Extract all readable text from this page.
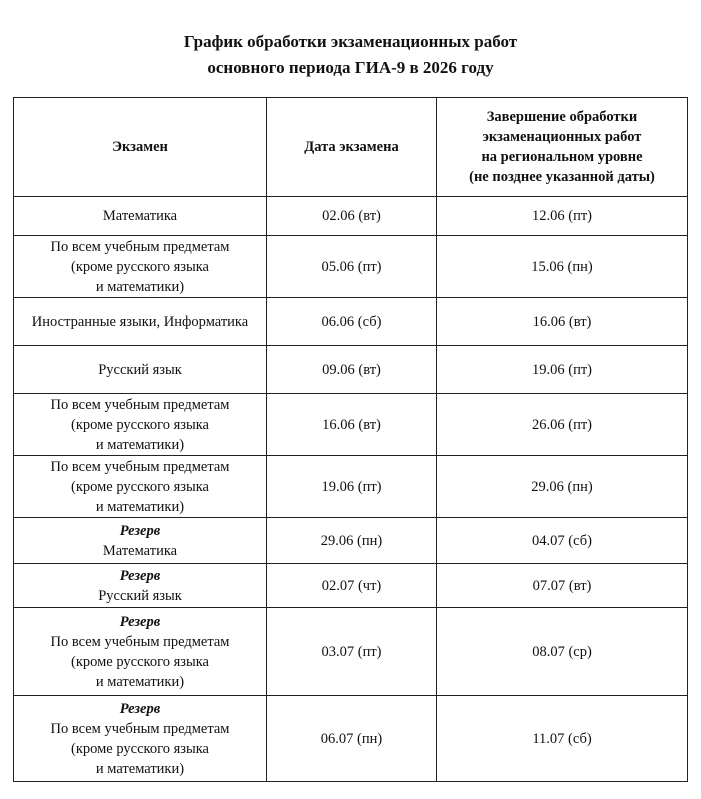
График обработки экзаменационных работ
основного периода ГИА-9 в 2026 году
Экзамен	Дата экзамена	Завершение обработки
экзаменационных работ
на региональном уровне
(не позднее указанной даты)

Математика	02.06 (вт)	12.06 (пт)

По всем учебным предметам
(кроме русского языка
и математики)	05.06 (пт)	15.06 (пн)

Иностранные языки, Информатика	06.06 (сб)	16.06 (вт)

Русский язык	09.06 (вт)	19.06 (пт)

По всем учебным предметам
(кроме русского языка
и математики)	16.06 (вт)	26.06 (пт)

По всем учебным предметам
(кроме русского языка
и математики)	19.06 (пт)	29.06 (пн)

Резерв
Математика	29.06 (пн)	04.07 (сб)

Резерв
Русский язык	02.07 (чт)	07.07 (вт)

Резерв
По всем учебным предметам
(кроме русского языка
и математики)	03.07 (пт)	08.07 (ср)

Резерв
По всем учебным предметам
(кроме русского языка
и математики)	06.07 (пн)	11.07 (сб)
